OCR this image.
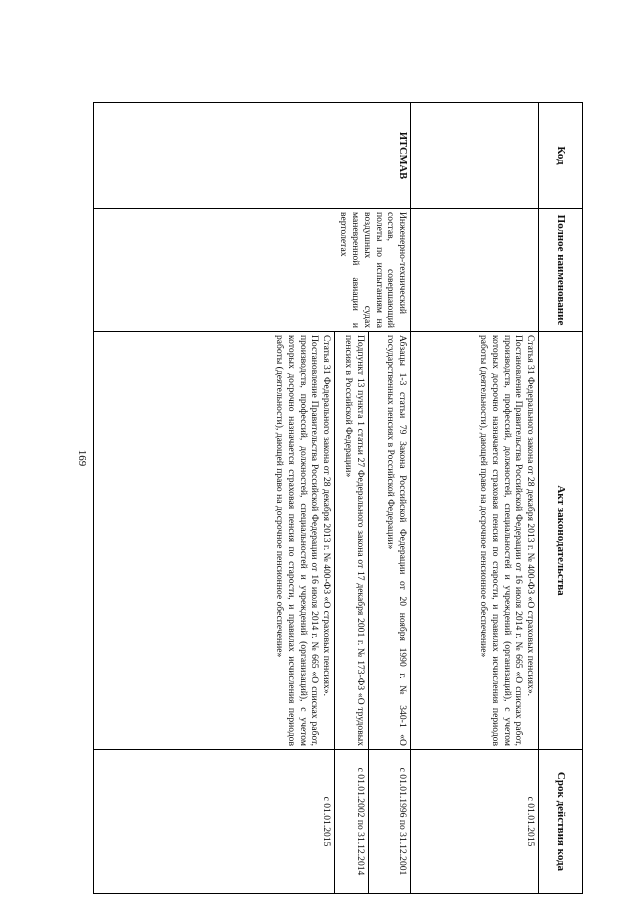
169
Код	Полное наименование	Акт законодательства	Срок действия кода

		Статья 31 Федерального закона от 28 декабря 2013 г. № 400-ФЗ «О страховых пенсиях».

Постановление Правительства Российской Федерации от 16 июля 2014 г. № 665 «О списках работ, производств, профессий, должностей, специальностей и учреждений (организаций), с учетом которых досрочно назначается страховая пенсия по старости, и правилах исчисления периодов работы (деятельности), дающей право на досрочное пенсионное обеспечение»	с 01.01.2015
ИТСМАВ	Инженерно-технический состав, совершающий полеты по испытаниям на воздушных судах маневренной авиации и вертолетах	Абзацы 1-3 статьи 79 Закона Российской Федерации от 20 ноября 1990 г. № 340-1 «О государственных пенсиях в Российской Федерации»	с 01.01.1996 по 31.12.2001

		Подпункт 13 пункта 1 статьи 27 Федерального закона от 17 декабря 2001 г. № 173-ФЗ «О трудовых пенсиях в Российской Федерации»	с 01.01.2002 по 31.12.2014

		Статья 31 Федерального закона от 28 декабря 2013 г. № 400-ФЗ «О страховых пенсиях».

Постановление Правительства Российской Федерации от 16 июля 2014 г. № 665 «О списках работ, производств, профессий, должностей, специальностей и учреждений (организаций), с учетом которых досрочно назначается страховая пенсия по старости, и правилах исчисления периодов работы (деятельности), дающей право на досрочное пенсионное обеспечение»	с 01.01.2015
